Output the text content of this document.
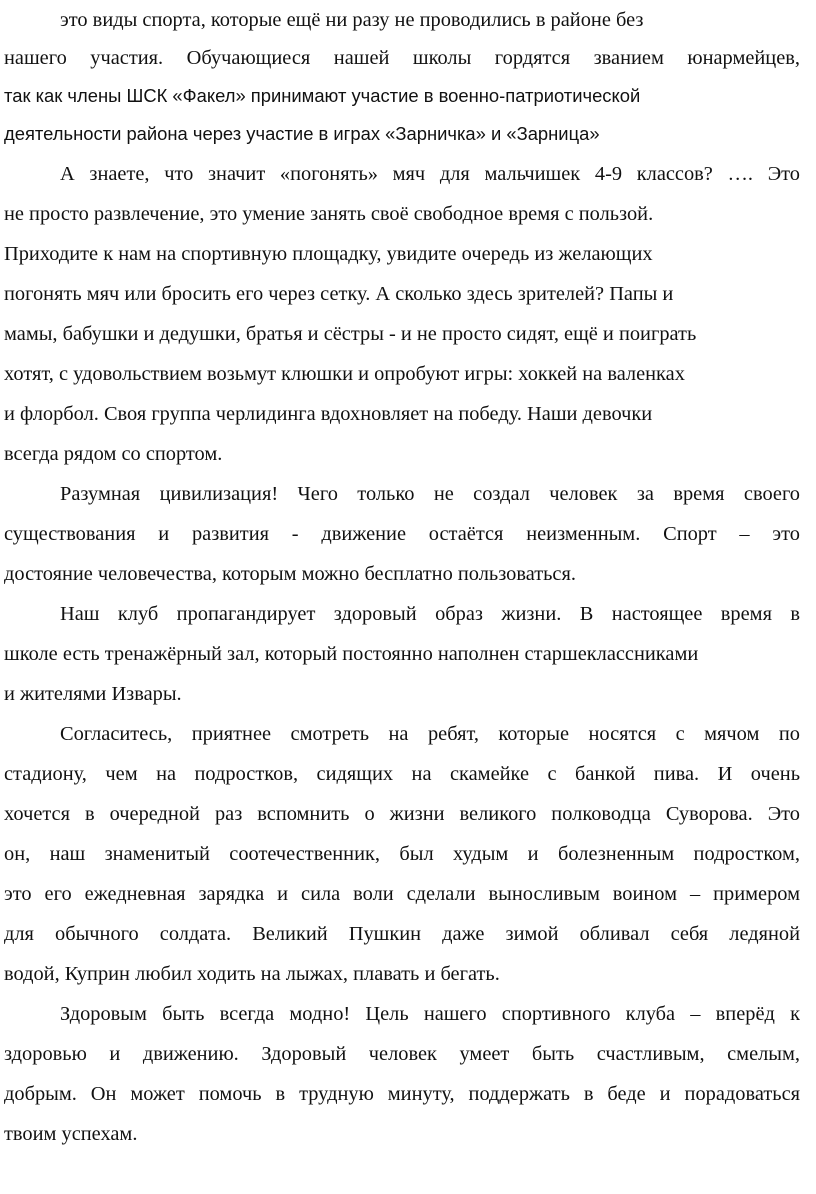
это виды спорта, которые ещё ни разу не проводились в районе без
нашего участия. Обучающиеся нашей школы гордятся званием юнармейцев,
так как члены ШСК «Факел» принимают участие в военно-патриотической
деятельности района через участие в играх «Зарничка» и «Зарница»
А знаете, что значит «погонять» мяч для мальчишек 4-9 классов? …. Это
не просто развлечение, это умение занять своё свободное время с пользой.
Приходите к нам на спортивную площадку, увидите очередь из желающих
погонять мяч или бросить его через сетку. А сколько здесь зрителей? Папы и
мамы, бабушки и дедушки, братья и сёстры - и не просто сидят, ещё и поиграть
хотят, с удовольствием возьмут клюшки и опробуют игры: хоккей на валенках
и флорбол. Своя группа черлидинга вдохновляет на победу. Наши девочки
всегда рядом со спортом.
Разумная цивилизация! Чего только не создал человек за время своего
существования и развития - движение остаётся неизменным. Спорт – это
достояние человечества, которым можно бесплатно пользоваться.
Наш клуб пропагандирует здоровый образ жизни. В настоящее время в
школе есть тренажёрный зал, который постоянно наполнен старшеклассниками
и жителями Извары.
Согласитесь, приятнее смотреть на ребят, которые носятся с мячом по
стадиону, чем на подростков, сидящих на скамейке с банкой пива. И очень
хочется в очередной раз вспомнить о жизни великого полководца Суворова. Это
он, наш знаменитый соотечественник, был худым и болезненным подростком,
это его ежедневная зарядка и сила воли сделали выносливым воином – примером
для обычного солдата. Великий Пушкин даже зимой обливал себя ледяной
водой, Куприн любил ходить на лыжах, плавать и бегать.
Здоровым быть всегда модно! Цель нашего спортивного клуба – вперёд к
здоровью и движению. Здоровый человек умеет быть счастливым, смелым,
добрым. Он может помочь в трудную минуту, поддержать в беде и порадоваться
твоим успехам.
